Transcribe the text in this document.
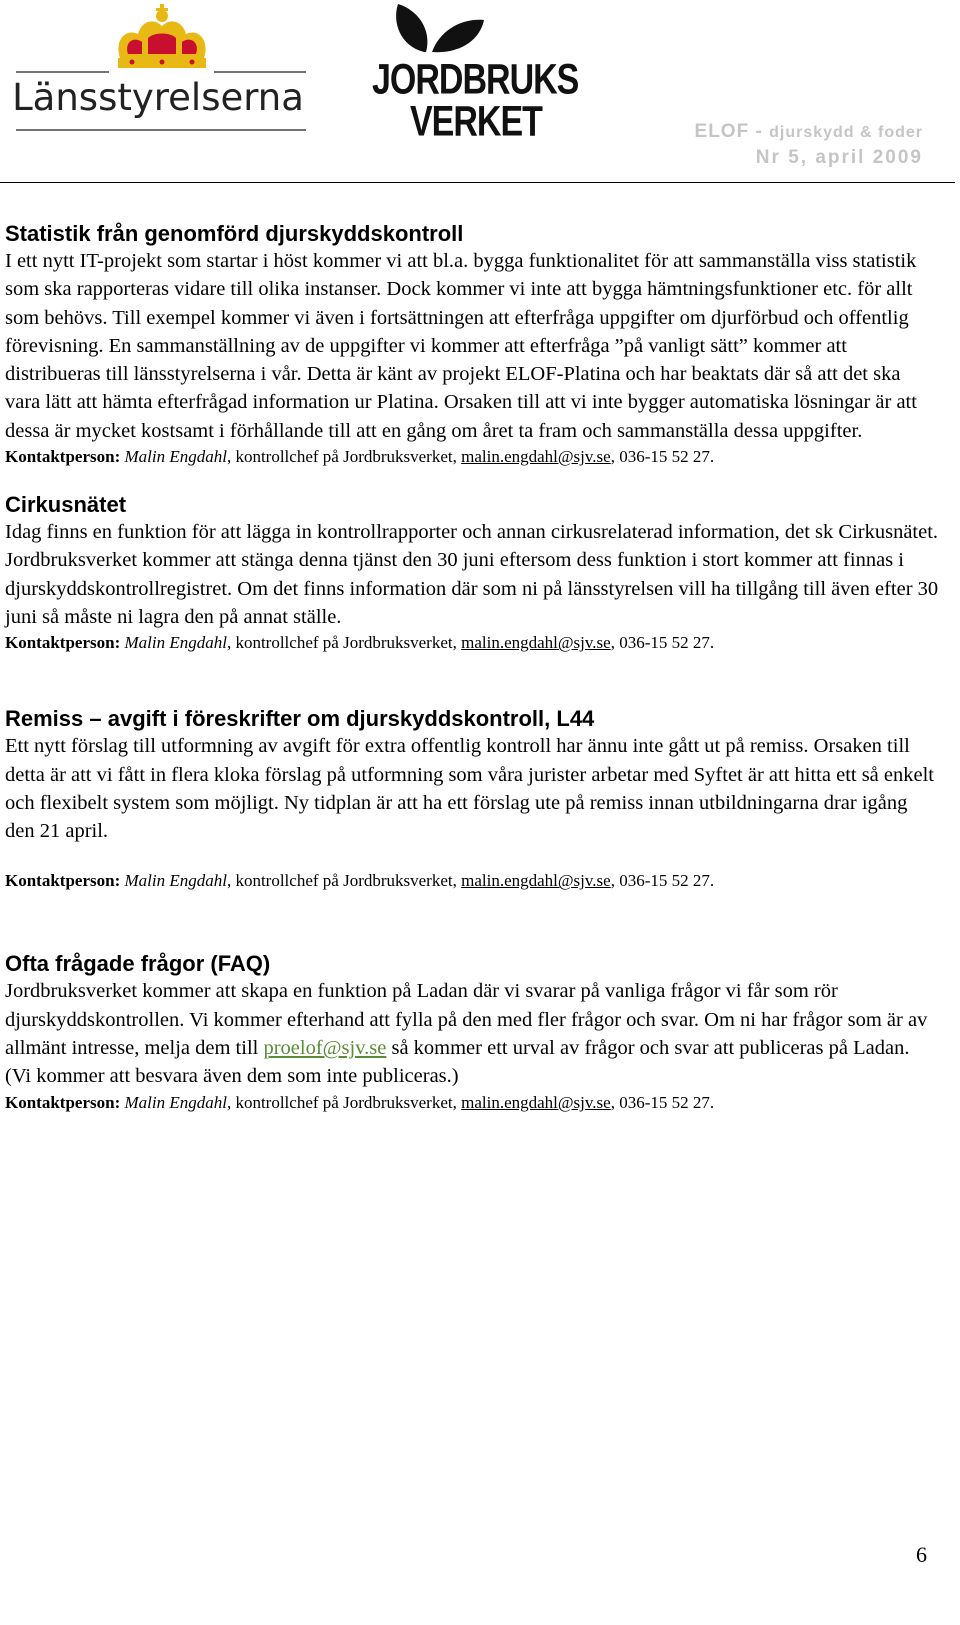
Länsstyrelserna JORDBRUKS
VERKET	ELOF - djurskydd & foder
Nr 5, april 2009
Statistik från genomförd djurskyddskontroll

I ett nytt IT-projekt som startar i höst kommer vi att bl.a. bygga funktionalitet för att sammanställa viss statistik som ska rapporteras vidare till olika instanser. Dock kommer vi inte att bygga hämtningsfunktioner etc. för allt som behövs. Till exempel kommer vi även i fortsättningen att efterfråga uppgifter om djurförbud och offentlig förevisning. En sammanställning av de uppgifter vi kommer att efterfråga ”på vanligt sätt” kommer att distribueras till länsstyrelserna i vår. Detta är känt av projekt ELOF-Platina och har beaktats där så att det ska vara lätt att hämta efterfrågad information ur Platina. Orsaken till att vi inte bygger automatiska lösningar är att dessa är mycket kostsamt i förhållande till att en gång om året ta fram och sammanställa dessa uppgifter.

Kontaktperson: Malin Engdahl, kontrollchef på Jordbruksverket, malin.engdahl@sjv.se, 036-15 52 27.

Cirkusnätet

Idag finns en funktion för att lägga in kontrollrapporter och annan cirkusrelaterad information, det sk Cirkusnätet. Jordbruksverket kommer att stänga denna tjänst den 30 juni eftersom dess funktion i stort kommer att finnas i djurskyddskontrollregistret. Om det finns information där som ni på länsstyrelsen vill ha tillgång till även efter 30 juni så måste ni lagra den på annat ställe.

Kontaktperson: Malin Engdahl, kontrollchef på Jordbruksverket, malin.engdahl@sjv.se, 036-15 52 27.

Remiss – avgift i föreskrifter om djurskyddskontroll, L44

Ett nytt förslag till utformning av avgift för extra offentlig kontroll har ännu inte gått ut på remiss. Orsaken till detta är att vi fått in flera kloka förslag på utformning som våra jurister arbetar med Syftet är att hitta ett så enkelt och flexibelt system som möjligt. Ny tidplan är att ha ett förslag ute på remiss innan utbildningarna drar igång den 21 april.

Kontaktperson: Malin Engdahl, kontrollchef på Jordbruksverket, malin.engdahl@sjv.se, 036-15 52 27.

Ofta frågade frågor (FAQ)

Jordbruksverket kommer att skapa en funktion på Ladan där vi svarar på vanliga frågor vi får som rör djurskyddskontrollen. Vi kommer efterhand att fylla på den med fler frågor och svar. Om ni har frågor som är av allmänt intresse, melja dem till proelof@sjv.se så kommer ett urval av frågor och svar att publiceras på Ladan. (Vi kommer att besvara även dem som inte publiceras.)

Kontaktperson: Malin Engdahl, kontrollchef på Jordbruksverket, malin.engdahl@sjv.se, 036-15 52 27.

6
